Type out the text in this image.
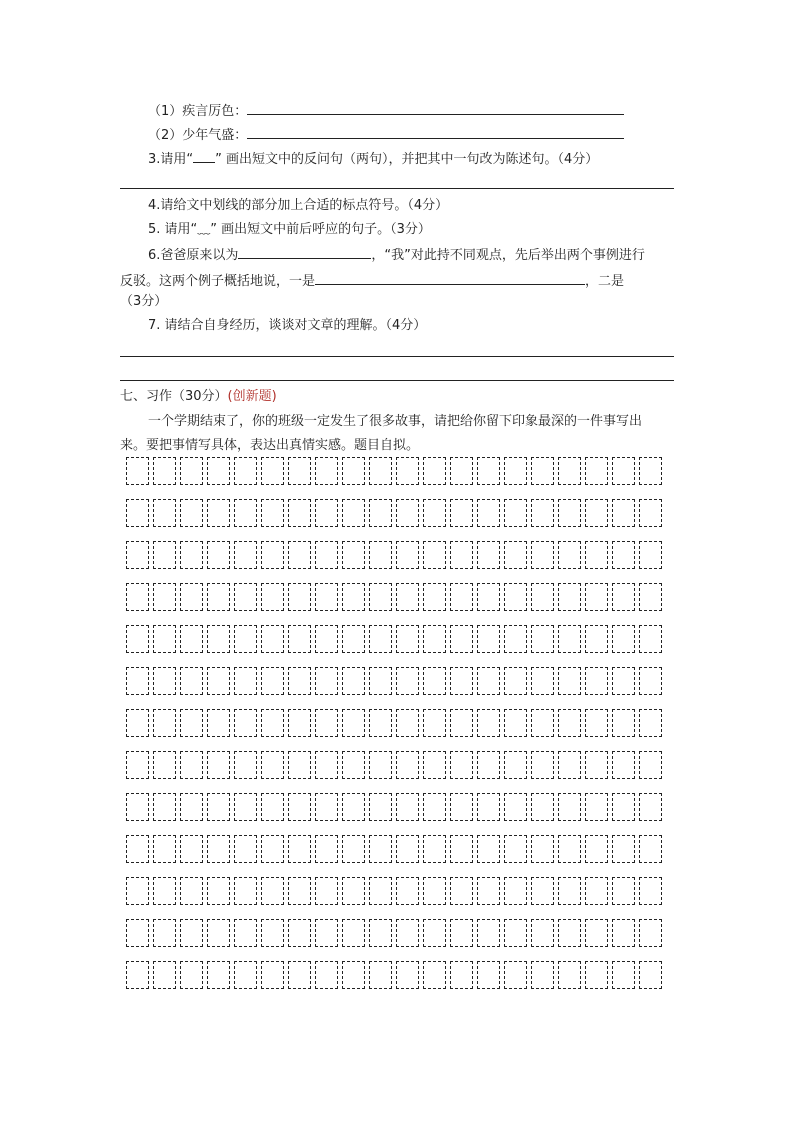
（1）疾言厉色：
（2）少年气盛：
3.请用“ ” 画出短文中的反问句（两句），并把其中一句改为陈述句。（4分）
4.请给文中划线的部分加上合适的标点符号。（4分）
5. 请用“﹏” 画出短文中前后呼应的句子。（3分）
6.爸爸原来以为	，“我”对此持不同观点，先后举出两个事例进行
反驳。这两个例子概括地说，一是	，二是
（3分）
7. 请结合自身经历，谈谈对文章的理解。（4分）
七、习作（30分）(创新题)
一个学期结束了，你的班级一定发生了很多故事，请把给你留下印象最深的一件事写出
来。要把事情写具体，表达出真情实感。题目自拟。
